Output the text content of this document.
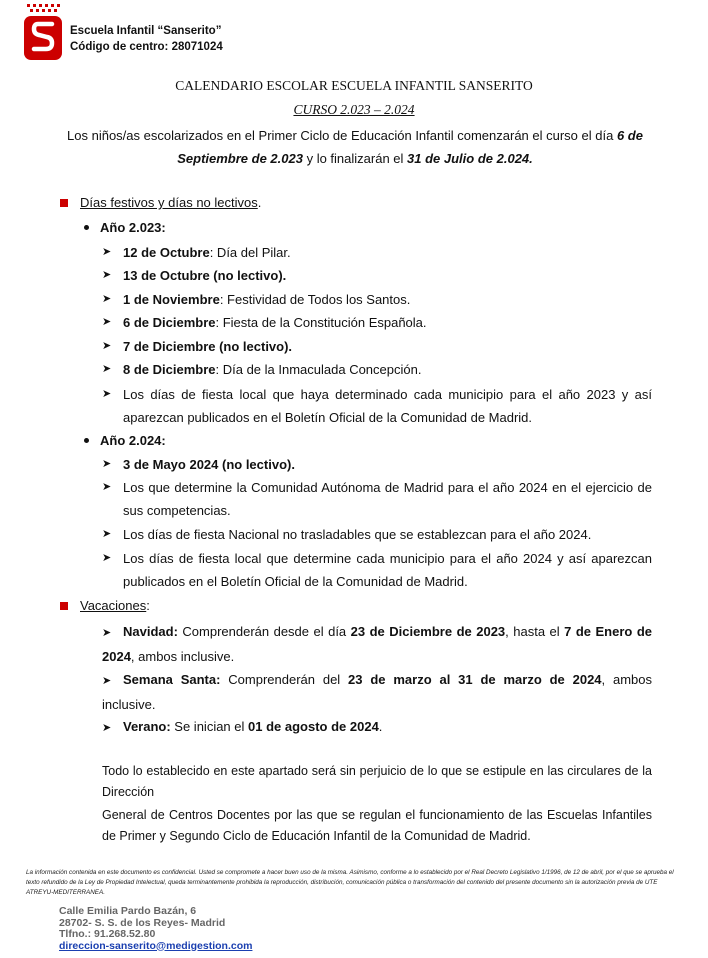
Escuela Infantil “Sanserito”
Código de centro: 28071024
CALENDARIO ESCOLAR ESCUELA INFANTIL SANSERITO
CURSO 2.023 – 2.024
Los niños/as escolarizados en el Primer Ciclo de Educación Infantil comenzarán el curso el día 6 de Septiembre de 2.023 y lo finalizarán el 31 de Julio de 2.024.
Días festivos y días no lectivos .
Año 2.023:
➤ 12 de Octubre: Día del Pilar.
➤ 13 de Octubre (no lectivo).
➤ 1 de Noviembre: Festividad de Todos los Santos.
➤ 6 de Diciembre: Fiesta de la Constitución Española.
➤ 7 de Diciembre (no lectivo).
➤ 8 de Diciembre: Día de la Inmaculada Concepción.
➤ Los días de fiesta local que haya determinado cada municipio para el año 2023 y así aparezcan publicados en el Boletín Oficial de la Comunidad de Madrid.
Año 2.024:
➤ 3 de Mayo 2024 (no lectivo).
➤ Los que determine la Comunidad Autónoma de Madrid para el año 2024 en el ejercicio de sus competencias.
➤ Los días de fiesta Nacional no trasladables que se establezcan para el año 2024.
➤ Los días de fiesta local que determine cada municipio para el año 2024 y así aparezcan publicados en el Boletín Oficial de la Comunidad de Madrid.
Vacaciones :
➤ Navidad: Comprenderán desde el día 23 de Diciembre de 2023, hasta el 7 de Enero de 2024, ambos inclusive.
➤ Semana Santa: Comprenderán del 23 de marzo al 31 de marzo de 2024, ambos inclusive.
➤ Verano: Se inician el 01 de agosto de 2024.
Todo lo establecido en este apartado será sin perjuicio de lo que se estipule en las circulares de la Dirección
General de Centros Docentes por las que se regulan el funcionamiento de las Escuelas Infantiles de Primer y Segundo Ciclo de Educación Infantil de la Comunidad de Madrid.
La información contenida en este documento es confidencial. Usted se compromete a hacer buen uso de la misma. Asimismo, conforme a lo establecido por el Real Decreto Legislativo 1/1996, de 12 de abril, por el que se aprueba el texto refundido de la Ley de Propiedad Intelectual, queda terminantemente prohibida la reproducción, distribución, comunicación pública o transformación del contenido del presente documento sin la autorización previa de UTE ATREYU-MEDITERRANEA.
Calle Emilia Pardo Bazán, 6
28702- S. S. de los Reyes- Madrid
Tlfno.: 91.268.52.80
direccion-sanserito@medigestion.com
